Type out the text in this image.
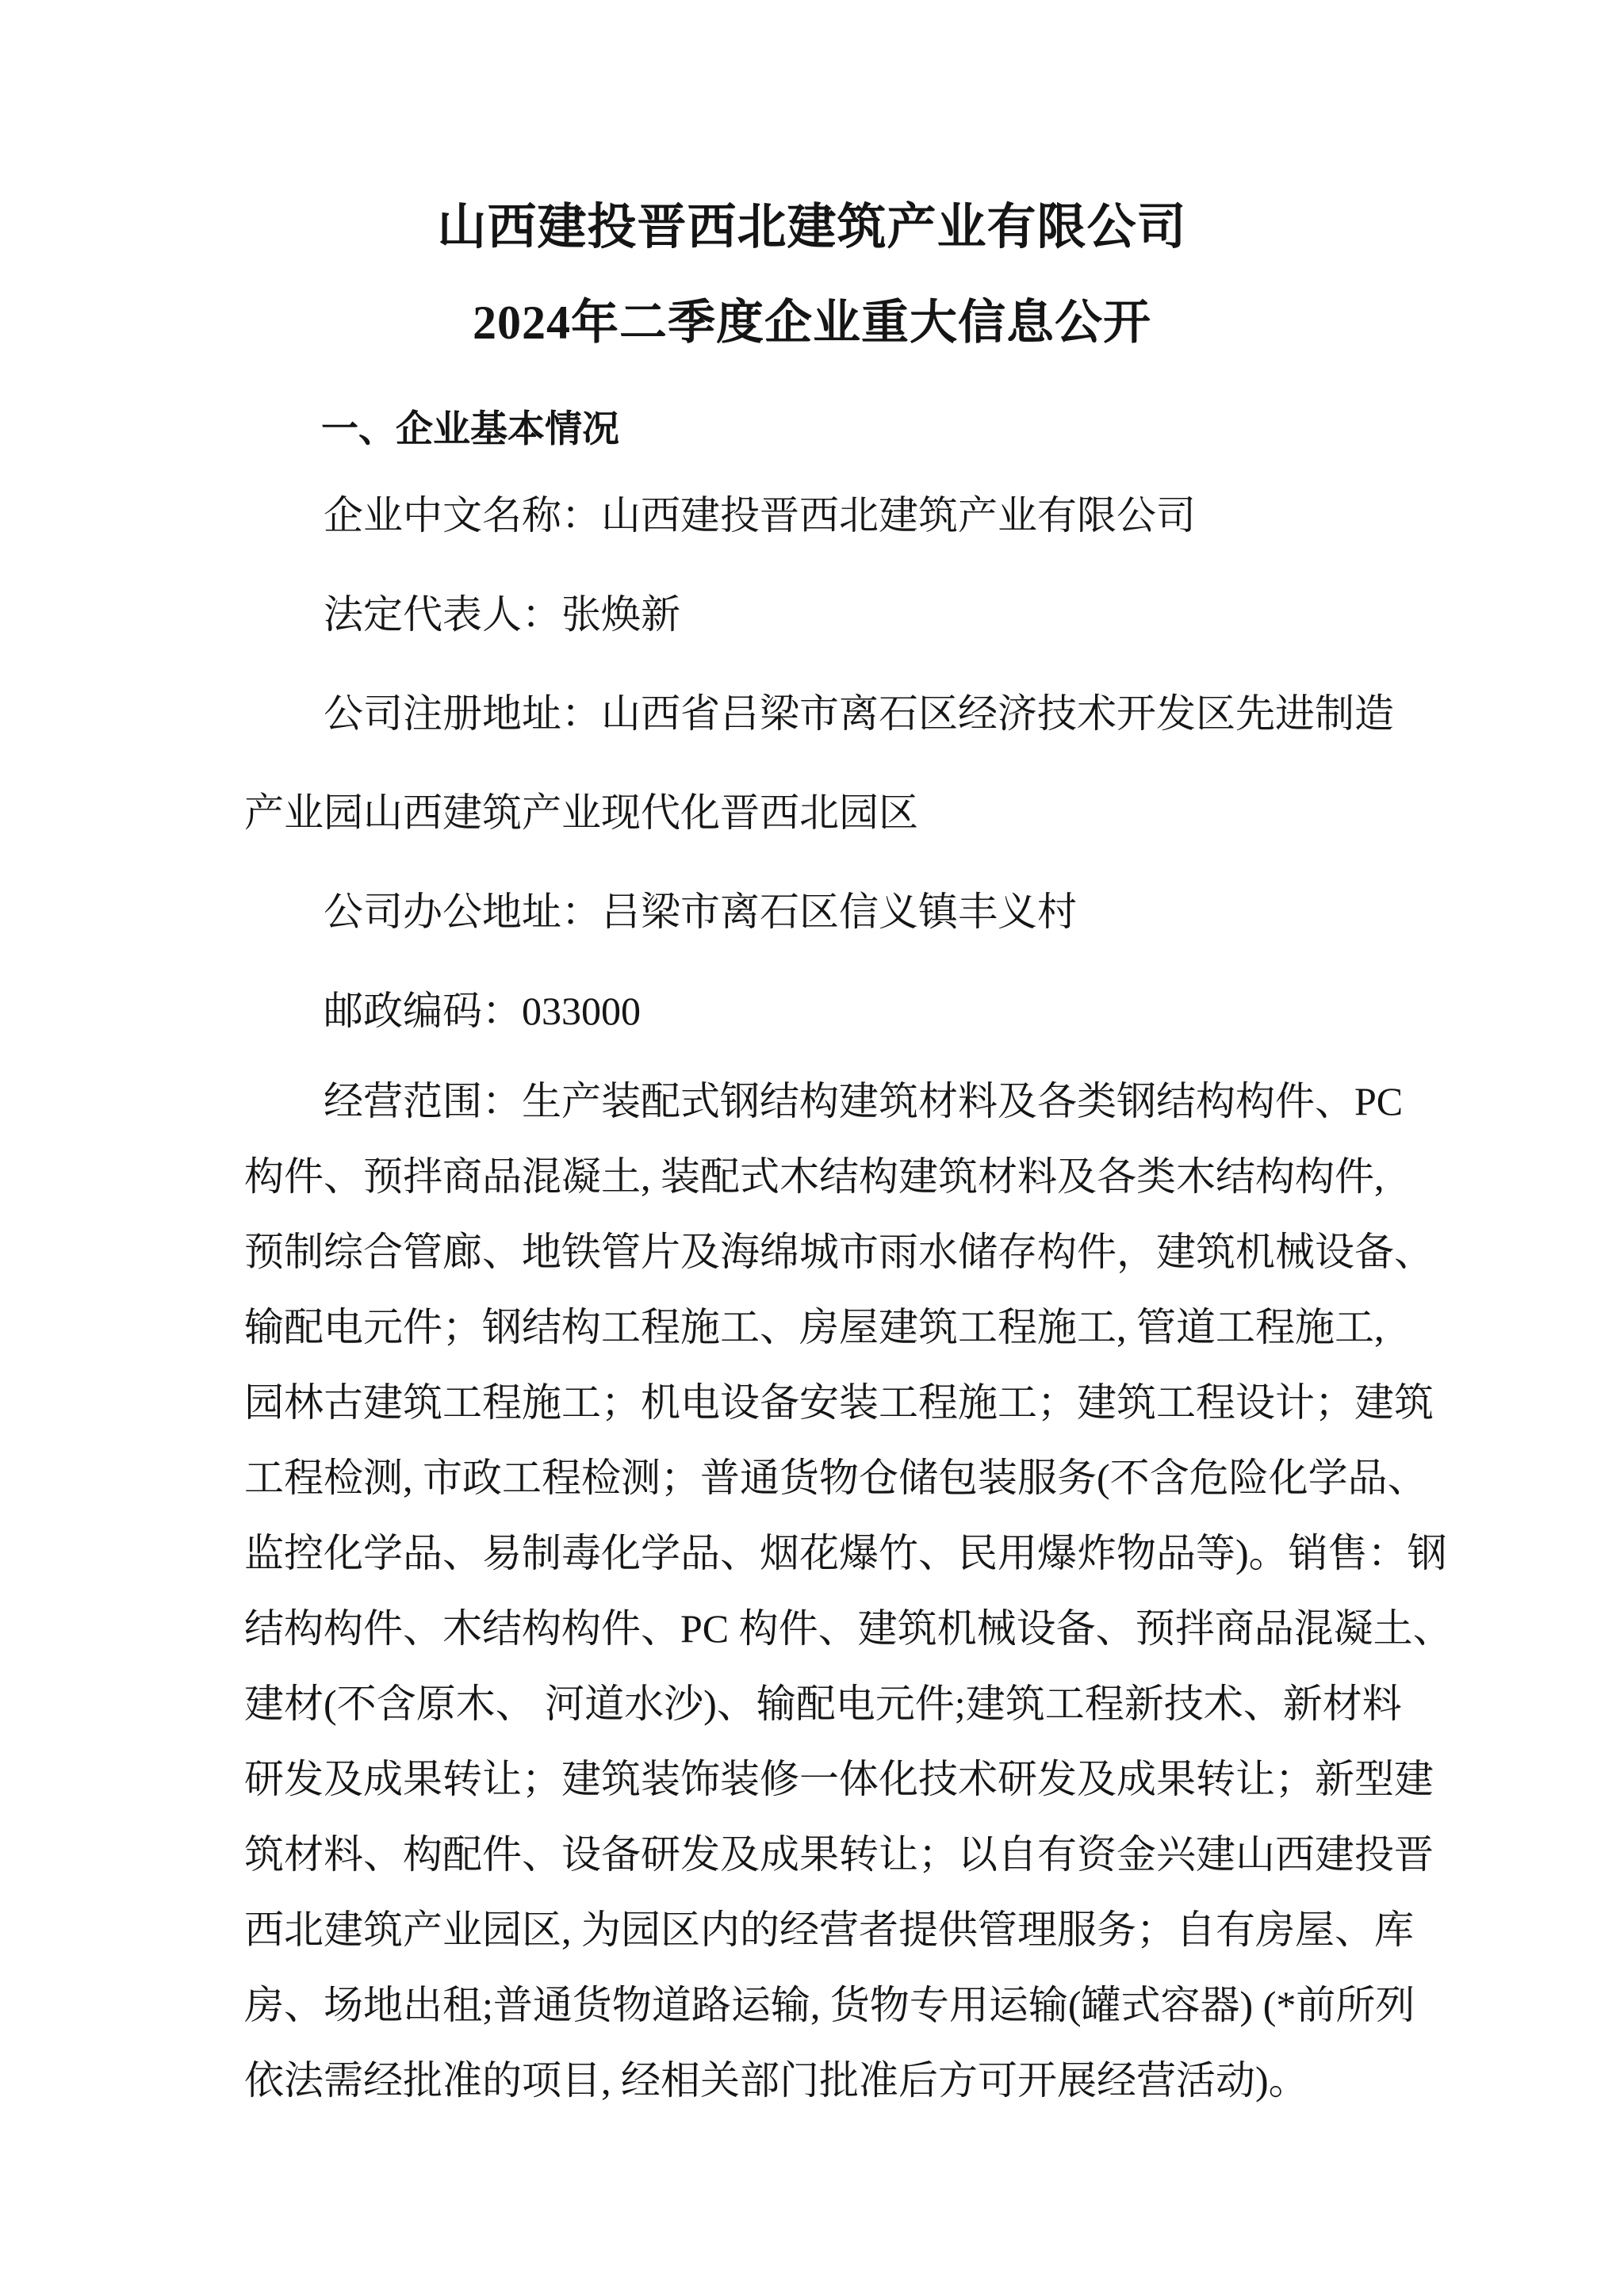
山西建投晋西北建筑产业有限公司
2024年二季度企业重大信息公开
一、企业基本情况
企业中文名称：山西建投晋西北建筑产业有限公司
法定代表人：张焕新
公司注册地址：山西省吕梁市离石区经济技术开发区先进制造
产业园山西建筑产业现代化晋西北园区
公司办公地址：吕梁市离石区信义镇丰义村
邮政编码：033000
经营范围：生产装配式钢结构建筑材料及各类钢结构构件、PC
构件、预拌商品混凝土, 装配式木结构建筑材料及各类木结构构件,
预制综合管廊、地铁管片及海绵城市雨水储存构件，建筑机械设备、
输配电元件；钢结构工程施工、房屋建筑工程施工, 管道工程施工,
园林古建筑工程施工；机电设备安装工程施工；建筑工程设计；建筑
工程检测, 市政工程检测；普通货物仓储包装服务(不含危险化学品、
监控化学品、易制毒化学品、烟花爆竹、民用爆炸物品等)。销售：钢
结构构件、木结构构件、PC 构件、建筑机械设备、预拌商品混凝土、
建材(不含原木、 河道水沙)、输配电元件;建筑工程新技术、新材料
研发及成果转让；建筑装饰装修一体化技术研发及成果转让；新型建
筑材料、构配件、设备研发及成果转让；以自有资金兴建山西建投晋
西北建筑产业园区, 为园区内的经营者提供管理服务；自有房屋、库
房、场地出租;普通货物道路运输, 货物专用运输(罐式容器) (*前所列
依法需经批准的项目, 经相关部门批准后方可开展经营活动)。
